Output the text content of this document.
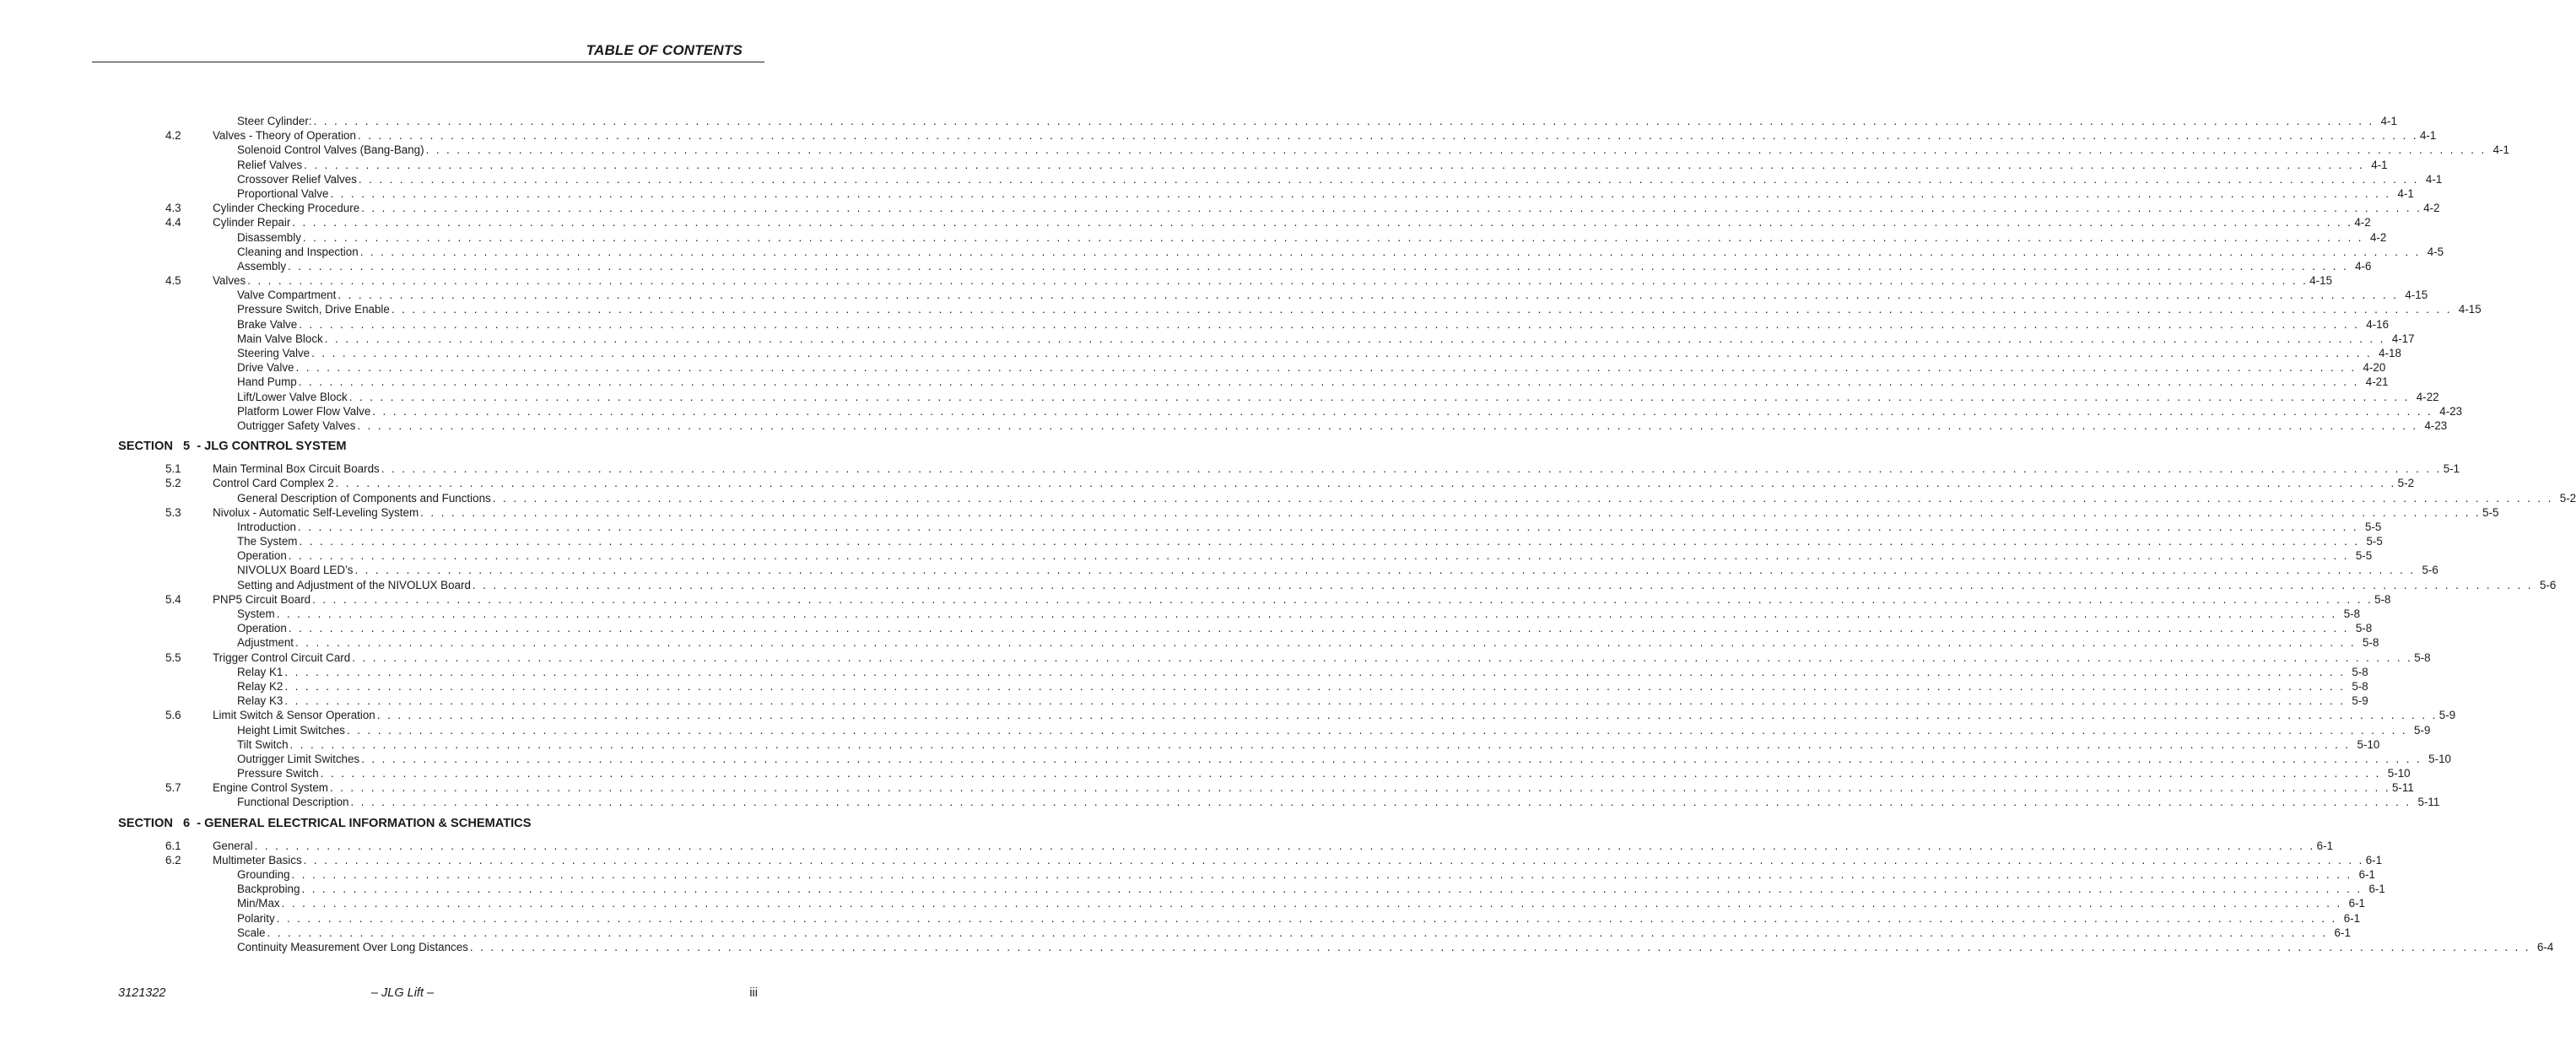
TABLE OF CONTENTS
Steer Cylinder: . . . . . . . . . . . . . . . . . . . . . . . . . . . . . . . . . . . . . . . . . . . . . . . . . . . . . . . . . . . . . . . . . . . . . . . . . . . . . . . . . . . . . . . . . . . . . . . . . . . . . . . . . . . . . . . . . . . . . . . . . . . . . . . . . . . . . . . . . . . . . . . . . . . . . . . . . . . . . . . . . . . . . . . . . . . . . . . . . . . . . . . . . . . . . . . . . . . . . . . . 4-1
4.2	Valves - Theory of Operation . . . . . . . . . . . . . . . . . . . . . . . . . . . . . . . . . . . . . . . . . . . . . . . . . . . . . . . . . . . . . . . . . . . . . . . . . . . . . . . . . . . . . . . . . . . . . . . . . . . . . . . . . . . . . . . . . . . . . . . . . . . . . . . . . . . . . . . . . . . . . . . . . . . . . . . . . . . . . . . . . . . . . . . . . . . . . . . . . . . . . . . . . . . . . . . . . . . . . . . . 4-1
Solenoid Control Valves (Bang-Bang) . . . . . . . . . . . . . . . . . . . . . . . . . . . . . . . . . . . . . . . . . . . . . . . . . . . . . . . . . . . . . . . . . . . . . . . . . . . . . . . . . . . . . . . . . . . . . . . . . . . . . . . . . . . . . . . . . . . . . . . . . . . . . . . . . . . . . . . . . . . . . . . . . . . . . . . . . . . . . . . . . . . . . . . . . . . . . . . . . . . . . . . . . . . . . . . . . . . . . . . . 4-1
Relief Valves . . . . . . . . . . . . . . . . . . . . . . . . . . . . . . . . . . . . . . . . . . . . . . . . . . . . . . . . . . . . . . . . . . . . . . . . . . . . . . . . . . . . . . . . . . . . . . . . . . . . . . . . . . . . . . . . . . . . . . . . . . . . . . . . . . . . . . . . . . . . . . . . . . . . . . . . . . . . . . . . . . . . . . . . . . . . . . . . . . . . . . . . . . . . . . . . . . . . . . . . 4-1
Crossover Relief Valves . . . . . . . . . . . . . . . . . . . . . . . . . . . . . . . . . . . . . . . . . . . . . . . . . . . . . . . . . . . . . . . . . . . . . . . . . . . . . . . . . . . . . . . . . . . . . . . . . . . . . . . . . . . . . . . . . . . . . . . . . . . . . . . . . . . . . . . . . . . . . . . . . . . . . . . . . . . . . . . . . . . . . . . . . . . . . . . . . . . . . . . . . . . . . . . . . . . . . . . . 4-1
Proportional Valve . . . . . . . . . . . . . . . . . . . . . . . . . . . . . . . . . . . . . . . . . . . . . . . . . . . . . . . . . . . . . . . . . . . . . . . . . . . . . . . . . . . . . . . . . . . . . . . . . . . . . . . . . . . . . . . . . . . . . . . . . . . . . . . . . . . . . . . . . . . . . . . . . . . . . . . . . . . . . . . . . . . . . . . . . . . . . . . . . . . . . . . . . . . . . . . . . . . . . . . . 4-1
4.3	Cylinder Checking Procedure . . . . . . . . . . . . . . . . . . . . . . . . . . . . . . . . . . . . . . . . . . . . . . . . . . . . . . . . . . . . . . . . . . . . . . . . . . . . . . . . . . . . . . . . . . . . . . . . . . . . . . . . . . . . . . . . . . . . . . . . . . . . . . . . . . . . . . . . . . . . . . . . . . . . . . . . . . . . . . . . . . . . . . . . . . . . . . . . . . . . . . . . . . . . . . . . . . . . . . . . 4-2
4.4	Cylinder Repair . . . . . . . . . . . . . . . . . . . . . . . . . . . . . . . . . . . . . . . . . . . . . . . . . . . . . . . . . . . . . . . . . . . . . . . . . . . . . . . . . . . . . . . . . . . . . . . . . . . . . . . . . . . . . . . . . . . . . . . . . . . . . . . . . . . . . . . . . . . . . . . . . . . . . . . . . . . . . . . . . . . . . . . . . . . . . . . . . . . . . . . . . . . . . . . . . . . . . . . . 4-2
Disassembly . . . . . . . . . . . . . . . . . . . . . . . . . . . . . . . . . . . . . . . . . . . . . . . . . . . . . . . . . . . . . . . . . . . . . . . . . . . . . . . . . . . . . . . . . . . . . . . . . . . . . . . . . . . . . . . . . . . . . . . . . . . . . . . . . . . . . . . . . . . . . . . . . . . . . . . . . . . . . . . . . . . . . . . . . . . . . . . . . . . . . . . . . . . . . . . . . . . . . . . . 4-2
Cleaning and Inspection . . . . . . . . . . . . . . . . . . . . . . . . . . . . . . . . . . . . . . . . . . . . . . . . . . . . . . . . . . . . . . . . . . . . . . . . . . . . . . . . . . . . . . . . . . . . . . . . . . . . . . . . . . . . . . . . . . . . . . . . . . . . . . . . . . . . . . . . . . . . . . . . . . . . . . . . . . . . . . . . . . . . . . . . . . . . . . . . . . . . . . . . . . . . . . . . . . . . . . . . 4-5
Assembly . . . . . . . . . . . . . . . . . . . . . . . . . . . . . . . . . . . . . . . . . . . . . . . . . . . . . . . . . . . . . . . . . . . . . . . . . . . . . . . . . . . . . . . . . . . . . . . . . . . . . . . . . . . . . . . . . . . . . . . . . . . . . . . . . . . . . . . . . . . . . . . . . . . . . . . . . . . . . . . . . . . . . . . . . . . . . . . . . . . . . . . . . . . . . . . . . . . . . . . . 4-6
4.5	Valves . . . . . . . . . . . . . . . . . . . . . . . . . . . . . . . . . . . . . . . . . . . . . . . . . . . . . . . . . . . . . . . . . . . . . . . . . . . . . . . . . . . . . . . . . . . . . . . . . . . . . . . . . . . . . . . . . . . . . . . . . . . . . . . . . . . . . . . . . . . . . . . . . . . . . . . . . . . . . . . . . . . . . . . . . . . . . . . . . . . . . . . . . . . . . . . . . . . . . . . . 4-15
Valve Compartment . . . . . . . . . . . . . . . . . . . . . . . . . . . . . . . . . . . . . . . . . . . . . . . . . . . . . . . . . . . . . . . . . . . . . . . . . . . . . . . . . . . . . . . . . . . . . . . . . . . . . . . . . . . . . . . . . . . . . . . . . . . . . . . . . . . . . . . . . . . . . . . . . . . . . . . . . . . . . . . . . . . . . . . . . . . . . . . . . . . . . . . . . . . . . . . . . . . . . . . . 4-15
Pressure Switch, Drive Enable . . . . . . . . . . . . . . . . . . . . . . . . . . . . . . . . . . . . . . . . . . . . . . . . . . . . . . . . . . . . . . . . . . . . . . . . . . . . . . . . . . . . . . . . . . . . . . . . . . . . . . . . . . . . . . . . . . . . . . . . . . . . . . . . . . . . . . . . . . . . . . . . . . . . . . . . . . . . . . . . . . . . . . . . . . . . . . . . . . . . . . . . . . . . . . . . . . . . . . . . 4-15
Brake Valve . . . . . . . . . . . . . . . . . . . . . . . . . . . . . . . . . . . . . . . . . . . . . . . . . . . . . . . . . . . . . . . . . . . . . . . . . . . . . . . . . . . . . . . . . . . . . . . . . . . . . . . . . . . . . . . . . . . . . . . . . . . . . . . . . . . . . . . . . . . . . . . . . . . . . . . . . . . . . . . . . . . . . . . . . . . . . . . . . . . . . . . . . . . . . . . . . . . . . . . . 4-16
Main Valve Block . . . . . . . . . . . . . . . . . . . . . . . . . . . . . . . . . . . . . . . . . . . . . . . . . . . . . . . . . . . . . . . . . . . . . . . . . . . . . . . . . . . . . . . . . . . . . . . . . . . . . . . . . . . . . . . . . . . . . . . . . . . . . . . . . . . . . . . . . . . . . . . . . . . . . . . . . . . . . . . . . . . . . . . . . . . . . . . . . . . . . . . . . . . . . . . . . . . . . . . . 4-17
Steering Valve . . . . . . . . . . . . . . . . . . . . . . . . . . . . . . . . . . . . . . . . . . . . . . . . . . . . . . . . . . . . . . . . . . . . . . . . . . . . . . . . . . . . . . . . . . . . . . . . . . . . . . . . . . . . . . . . . . . . . . . . . . . . . . . . . . . . . . . . . . . . . . . . . . . . . . . . . . . . . . . . . . . . . . . . . . . . . . . . . . . . . . . . . . . . . . . . . . . . . . . . 4-18
Drive Valve . . . . . . . . . . . . . . . . . . . . . . . . . . . . . . . . . . . . . . . . . . . . . . . . . . . . . . . . . . . . . . . . . . . . . . . . . . . . . . . . . . . . . . . . . . . . . . . . . . . . . . . . . . . . . . . . . . . . . . . . . . . . . . . . . . . . . . . . . . . . . . . . . . . . . . . . . . . . . . . . . . . . . . . . . . . . . . . . . . . . . . . . . . . . . . . . . . . . . . . . 4-20
Hand Pump . . . . . . . . . . . . . . . . . . . . . . . . . . . . . . . . . . . . . . . . . . . . . . . . . . . . . . . . . . . . . . . . . . . . . . . . . . . . . . . . . . . . . . . . . . . . . . . . . . . . . . . . . . . . . . . . . . . . . . . . . . . . . . . . . . . . . . . . . . . . . . . . . . . . . . . . . . . . . . . . . . . . . . . . . . . . . . . . . . . . . . . . . . . . . . . . . . . . . . . . 4-21
Lift/Lower Valve Block . . . . . . . . . . . . . . . . . . . . . . . . . . . . . . . . . . . . . . . . . . . . . . . . . . . . . . . . . . . . . . . . . . . . . . . . . . . . . . . . . . . . . . . . . . . . . . . . . . . . . . . . . . . . . . . . . . . . . . . . . . . . . . . . . . . . . . . . . . . . . . . . . . . . . . . . . . . . . . . . . . . . . . . . . . . . . . . . . . . . . . . . . . . . . . . . . . . . . . . . 4-22
Platform Lower Flow Valve . . . . . . . . . . . . . . . . . . . . . . . . . . . . . . . . . . . . . . . . . . . . . . . . . . . . . . . . . . . . . . . . . . . . . . . . . . . . . . . . . . . . . . . . . . . . . . . . . . . . . . . . . . . . . . . . . . . . . . . . . . . . . . . . . . . . . . . . . . . . . . . . . . . . . . . . . . . . . . . . . . . . . . . . . . . . . . . . . . . . . . . . . . . . . . . . . . . . . . . . 4-23
Outrigger Safety Valves . . . . . . . . . . . . . . . . . . . . . . . . . . . . . . . . . . . . . . . . . . . . . . . . . . . . . . . . . . . . . . . . . . . . . . . . . . . . . . . . . . . . . . . . . . . . . . . . . . . . . . . . . . . . . . . . . . . . . . . . . . . . . . . . . . . . . . . . . . . . . . . . . . . . . . . . . . . . . . . . . . . . . . . . . . . . . . . . . . . . . . . . . . . . . . . . . . . . . . . . 4-23
SECTION   5  - JLG CONTROL SYSTEM
5.1	Main Terminal Box Circuit Boards . . . . . . . . . . . . . . . . . . . . . . . . . . . . . . . . . . . . . . . . . . . . . . . . . . . . . . . . . . . . . . . . . . . . . . . . . . . . . . . . . . . . . . . . . . . . . . . . . . . . . . . . . . . . . . . . . . . . . . . . . . . . . . . . . . . . . . . . . . . . . . . . . . . . . . . . . . . . . . . . . . . . . . . . . . . . . . . . . . . . . . . . . . . . . . . . . . . . . . . . 5-1
5.2	Control Card Complex 2 . . . . . . . . . . . . . . . . . . . . . . . . . . . . . . . . . . . . . . . . . . . . . . . . . . . . . . . . . . . . . . . . . . . . . . . . . . . . . . . . . . . . . . . . . . . . . . . . . . . . . . . . . . . . . . . . . . . . . . . . . . . . . . . . . . . . . . . . . . . . . . . . . . . . . . . . . . . . . . . . . . . . . . . . . . . . . . . . . . . . . . . . . . . . . . . . . . . . . . . . 5-2
General Description of Components and Functions . . . . . . . . . . . . . . . . . . . . . . . . . . . . . . . . . . . . . . . . . . . . . . . . . . . . . . . . . . . . . . . . . . . . . . . . . . . . . . . . . . . . . . . . . . . . . . . . . . . . . . . . . . . . . . . . . . . . . . . . . . . . . . . . . . . . . . . . . . . . . . . . . . . . . . . . . . . . . . . . . . . . . . . . . . . . . . . . . . . . . . . . . . . . . . . . . . . . . . . . 5-2
5.3	Nivolux - Automatic Self-Leveling System . . . . . . . . . . . . . . . . . . . . . . . . . . . . . . . . . . . . . . . . . . . . . . . . . . . . . . . . . . . . . . . . . . . . . . . . . . . . . . . . . . . . . . . . . . . . . . . . . . . . . . . . . . . . . . . . . . . . . . . . . . . . . . . . . . . . . . . . . . . . . . . . . . . . . . . . . . . . . . . . . . . . . . . . . . . . . . . . . . . . . . . . . . . . . . . . . . . . . . . . 5-5
Introduction . . . . . . . . . . . . . . . . . . . . . . . . . . . . . . . . . . . . . . . . . . . . . . . . . . . . . . . . . . . . . . . . . . . . . . . . . . . . . . . . . . . . . . . . . . . . . . . . . . . . . . . . . . . . . . . . . . . . . . . . . . . . . . . . . . . . . . . . . . . . . . . . . . . . . . . . . . . . . . . . . . . . . . . . . . . . . . . . . . . . . . . . . . . . . . . . . . . . . . . . 5-5
The System . . . . . . . . . . . . . . . . . . . . . . . . . . . . . . . . . . . . . . . . . . . . . . . . . . . . . . . . . . . . . . . . . . . . . . . . . . . . . . . . . . . . . . . . . . . . . . . . . . . . . . . . . . . . . . . . . . . . . . . . . . . . . . . . . . . . . . . . . . . . . . . . . . . . . . . . . . . . . . . . . . . . . . . . . . . . . . . . . . . . . . . . . . . . . . . . . . . . . . . . 5-5
Operation . . . . . . . . . . . . . . . . . . . . . . . . . . . . . . . . . . . . . . . . . . . . . . . . . . . . . . . . . . . . . . . . . . . . . . . . . . . . . . . . . . . . . . . . . . . . . . . . . . . . . . . . . . . . . . . . . . . . . . . . . . . . . . . . . . . . . . . . . . . . . . . . . . . . . . . . . . . . . . . . . . . . . . . . . . . . . . . . . . . . . . . . . . . . . . . . . . . . . . . . 5-5
NIVOLUX Board LED’s . . . . . . . . . . . . . . . . . . . . . . . . . . . . . . . . . . . . . . . . . . . . . . . . . . . . . . . . . . . . . . . . . . . . . . . . . . . . . . . . . . . . . . . . . . . . . . . . . . . . . . . . . . . . . . . . . . . . . . . . . . . . . . . . . . . . . . . . . . . . . . . . . . . . . . . . . . . . . . . . . . . . . . . . . . . . . . . . . . . . . . . . . . . . . . . . . . . . . . . . 5-6
Setting and Adjustment of the NIVOLUX Board . . . . . . . . . . . . . . . . . . . . . . . . . . . . . . . . . . . . . . . . . . . . . . . . . . . . . . . . . . . . . . . . . . . . . . . . . . . . . . . . . . . . . . . . . . . . . . . . . . . . . . . . . . . . . . . . . . . . . . . . . . . . . . . . . . . . . . . . . . . . . . . . . . . . . . . . . . . . . . . . . . . . . . . . . . . . . . . . . . . . . . . . . . . . . . . . . . . . . . . . 5-6
5.4	PNP5 Circuit Board . . . . . . . . . . . . . . . . . . . . . . . . . . . . . . . . . . . . . . . . . . . . . . . . . . . . . . . . . . . . . . . . . . . . . . . . . . . . . . . . . . . . . . . . . . . . . . . . . . . . . . . . . . . . . . . . . . . . . . . . . . . . . . . . . . . . . . . . . . . . . . . . . . . . . . . . . . . . . . . . . . . . . . . . . . . . . . . . . . . . . . . . . . . . . . . . . . . . . . . . 5-8
System . . . . . . . . . . . . . . . . . . . . . . . . . . . . . . . . . . . . . . . . . . . . . . . . . . . . . . . . . . . . . . . . . . . . . . . . . . . . . . . . . . . . . . . . . . . . . . . . . . . . . . . . . . . . . . . . . . . . . . . . . . . . . . . . . . . . . . . . . . . . . . . . . . . . . . . . . . . . . . . . . . . . . . . . . . . . . . . . . . . . . . . . . . . . . . . . . . . . . . . . 5-8
Operation . . . . . . . . . . . . . . . . . . . . . . . . . . . . . . . . . . . . . . . . . . . . . . . . . . . . . . . . . . . . . . . . . . . . . . . . . . . . . . . . . . . . . . . . . . . . . . . . . . . . . . . . . . . . . . . . . . . . . . . . . . . . . . . . . . . . . . . . . . . . . . . . . . . . . . . . . . . . . . . . . . . . . . . . . . . . . . . . . . . . . . . . . . . . . . . . . . . . . . . . 5-8
Adjustment . . . . . . . . . . . . . . . . . . . . . . . . . . . . . . . . . . . . . . . . . . . . . . . . . . . . . . . . . . . . . . . . . . . . . . . . . . . . . . . . . . . . . . . . . . . . . . . . . . . . . . . . . . . . . . . . . . . . . . . . . . . . . . . . . . . . . . . . . . . . . . . . . . . . . . . . . . . . . . . . . . . . . . . . . . . . . . . . . . . . . . . . . . . . . . . . . . . . . . . . 5-8
5.5	Trigger Control Circuit Card . . . . . . . . . . . . . . . . . . . . . . . . . . . . . . . . . . . . . . . . . . . . . . . . . . . . . . . . . . . . . . . . . . . . . . . . . . . . . . . . . . . . . . . . . . . . . . . . . . . . . . . . . . . . . . . . . . . . . . . . . . . . . . . . . . . . . . . . . . . . . . . . . . . . . . . . . . . . . . . . . . . . . . . . . . . . . . . . . . . . . . . . . . . . . . . . . . . . . . . . 5-8
Relay K1 . . . . . . . . . . . . . . . . . . . . . . . . . . . . . . . . . . . . . . . . . . . . . . . . . . . . . . . . . . . . . . . . . . . . . . . . . . . . . . . . . . . . . . . . . . . . . . . . . . . . . . . . . . . . . . . . . . . . . . . . . . . . . . . . . . . . . . . . . . . . . . . . . . . . . . . . . . . . . . . . . . . . . . . . . . . . . . . . . . . . . . . . . . . . . . . . . . . . . . . . 5-8
Relay K2 . . . . . . . . . . . . . . . . . . . . . . . . . . . . . . . . . . . . . . . . . . . . . . . . . . . . . . . . . . . . . . . . . . . . . . . . . . . . . . . . . . . . . . . . . . . . . . . . . . . . . . . . . . . . . . . . . . . . . . . . . . . . . . . . . . . . . . . . . . . . . . . . . . . . . . . . . . . . . . . . . . . . . . . . . . . . . . . . . . . . . . . . . . . . . . . . . . . . . . . . 5-8
Relay K3 . . . . . . . . . . . . . . . . . . . . . . . . . . . . . . . . . . . . . . . . . . . . . . . . . . . . . . . . . . . . . . . . . . . . . . . . . . . . . . . . . . . . . . . . . . . . . . . . . . . . . . . . . . . . . . . . . . . . . . . . . . . . . . . . . . . . . . . . . . . . . . . . . . . . . . . . . . . . . . . . . . . . . . . . . . . . . . . . . . . . . . . . . . . . . . . . . . . . . . . . 5-9
5.6	Limit Switch & Sensor Operation . . . . . . . . . . . . . . . . . . . . . . . . . . . . . . . . . . . . . . . . . . . . . . . . . . . . . . . . . . . . . . . . . . . . . . . . . . . . . . . . . . . . . . . . . . . . . . . . . . . . . . . . . . . . . . . . . . . . . . . . . . . . . . . . . . . . . . . . . . . . . . . . . . . . . . . . . . . . . . . . . . . . . . . . . . . . . . . . . . . . . . . . . . . . . . . . . . . . . . . . 5-9
Height Limit Switches . . . . . . . . . . . . . . . . . . . . . . . . . . . . . . . . . . . . . . . . . . . . . . . . . . . . . . . . . . . . . . . . . . . . . . . . . . . . . . . . . . . . . . . . . . . . . . . . . . . . . . . . . . . . . . . . . . . . . . . . . . . . . . . . . . . . . . . . . . . . . . . . . . . . . . . . . . . . . . . . . . . . . . . . . . . . . . . . . . . . . . . . . . . . . . . . . . . . . . . . 5-9
Tilt Switch . . . . . . . . . . . . . . . . . . . . . . . . . . . . . . . . . . . . . . . . . . . . . . . . . . . . . . . . . . . . . . . . . . . . . . . . . . . . . . . . . . . . . . . . . . . . . . . . . . . . . . . . . . . . . . . . . . . . . . . . . . . . . . . . . . . . . . . . . . . . . . . . . . . . . . . . . . . . . . . . . . . . . . . . . . . . . . . . . . . . . . . . . . . . . . . . . . . . . . . . 5-10
Outrigger Limit Switches . . . . . . . . . . . . . . . . . . . . . . . . . . . . . . . . . . . . . . . . . . . . . . . . . . . . . . . . . . . . . . . . . . . . . . . . . . . . . . . . . . . . . . . . . . . . . . . . . . . . . . . . . . . . . . . . . . . . . . . . . . . . . . . . . . . . . . . . . . . . . . . . . . . . . . . . . . . . . . . . . . . . . . . . . . . . . . . . . . . . . . . . . . . . . . . . . . . . . . . . 5-10
Pressure Switch . . . . . . . . . . . . . . . . . . . . . . . . . . . . . . . . . . . . . . . . . . . . . . . . . . . . . . . . . . . . . . . . . . . . . . . . . . . . . . . . . . . . . . . . . . . . . . . . . . . . . . . . . . . . . . . . . . . . . . . . . . . . . . . . . . . . . . . . . . . . . . . . . . . . . . . . . . . . . . . . . . . . . . . . . . . . . . . . . . . . . . . . . . . . . . . . . . . . . . . . 5-10
5.7	Engine Control System . . . . . . . . . . . . . . . . . . . . . . . . . . . . . . . . . . . . . . . . . . . . . . . . . . . . . . . . . . . . . . . . . . . . . . . . . . . . . . . . . . . . . . . . . . . . . . . . . . . . . . . . . . . . . . . . . . . . . . . . . . . . . . . . . . . . . . . . . . . . . . . . . . . . . . . . . . . . . . . . . . . . . . . . . . . . . . . . . . . . . . . . . . . . . . . . . . . . . . . . 5-11
Functional Description . . . . . . . . . . . . . . . . . . . . . . . . . . . . . . . . . . . . . . . . . . . . . . . . . . . . . . . . . . . . . . . . . . . . . . . . . . . . . . . . . . . . . . . . . . . . . . . . . . . . . . . . . . . . . . . . . . . . . . . . . . . . . . . . . . . . . . . . . . . . . . . . . . . . . . . . . . . . . . . . . . . . . . . . . . . . . . . . . . . . . . . . . . . . . . . . . . . . . . . . 5-11
SECTION   6  - GENERAL ELECTRICAL INFORMATION & SCHEMATICS
6.1	General . . . . . . . . . . . . . . . . . . . . . . . . . . . . . . . . . . . . . . . . . . . . . . . . . . . . . . . . . . . . . . . . . . . . . . . . . . . . . . . . . . . . . . . . . . . . . . . . . . . . . . . . . . . . . . . . . . . . . . . . . . . . . . . . . . . . . . . . . . . . . . . . . . . . . . . . . . . . . . . . . . . . . . . . . . . . . . . . . . . . . . . . . . . . . . . . . . . . . . . . 6-1
6.2	Multimeter Basics . . . . . . . . . . . . . . . . . . . . . . . . . . . . . . . . . . . . . . . . . . . . . . . . . . . . . . . . . . . . . . . . . . . . . . . . . . . . . . . . . . . . . . . . . . . . . . . . . . . . . . . . . . . . . . . . . . . . . . . . . . . . . . . . . . . . . . . . . . . . . . . . . . . . . . . . . . . . . . . . . . . . . . . . . . . . . . . . . . . . . . . . . . . . . . . . . . . . . . . . 6-1
Grounding . . . . . . . . . . . . . . . . . . . . . . . . . . . . . . . . . . . . . . . . . . . . . . . . . . . . . . . . . . . . . . . . . . . . . . . . . . . . . . . . . . . . . . . . . . . . . . . . . . . . . . . . . . . . . . . . . . . . . . . . . . . . . . . . . . . . . . . . . . . . . . . . . . . . . . . . . . . . . . . . . . . . . . . . . . . . . . . . . . . . . . . . . . . . . . . . . . . . . . . . 6-1
Backprobing . . . . . . . . . . . . . . . . . . . . . . . . . . . . . . . . . . . . . . . . . . . . . . . . . . . . . . . . . . . . . . . . . . . . . . . . . . . . . . . . . . . . . . . . . . . . . . . . . . . . . . . . . . . . . . . . . . . . . . . . . . . . . . . . . . . . . . . . . . . . . . . . . . . . . . . . . . . . . . . . . . . . . . . . . . . . . . . . . . . . . . . . . . . . . . . . . . . . . . . . 6-1
Min/Max . . . . . . . . . . . . . . . . . . . . . . . . . . . . . . . . . . . . . . . . . . . . . . . . . . . . . . . . . . . . . . . . . . . . . . . . . . . . . . . . . . . . . . . . . . . . . . . . . . . . . . . . . . . . . . . . . . . . . . . . . . . . . . . . . . . . . . . . . . . . . . . . . . . . . . . . . . . . . . . . . . . . . . . . . . . . . . . . . . . . . . . . . . . . . . . . . . . . . . . . 6-1
Polarity . . . . . . . . . . . . . . . . . . . . . . . . . . . . . . . . . . . . . . . . . . . . . . . . . . . . . . . . . . . . . . . . . . . . . . . . . . . . . . . . . . . . . . . . . . . . . . . . . . . . . . . . . . . . . . . . . . . . . . . . . . . . . . . . . . . . . . . . . . . . . . . . . . . . . . . . . . . . . . . . . . . . . . . . . . . . . . . . . . . . . . . . . . . . . . . . . . . . . . . . 6-1
Scale . . . . . . . . . . . . . . . . . . . . . . . . . . . . . . . . . . . . . . . . . . . . . . . . . . . . . . . . . . . . . . . . . . . . . . . . . . . . . . . . . . . . . . . . . . . . . . . . . . . . . . . . . . . . . . . . . . . . . . . . . . . . . . . . . . . . . . . . . . . . . . . . . . . . . . . . . . . . . . . . . . . . . . . . . . . . . . . . . . . . . . . . . . . . . . . . . . . . . . . . 6-1
Continuity Measurement Over Long Distances . . . . . . . . . . . . . . . . . . . . . . . . . . . . . . . . . . . . . . . . . . . . . . . . . . . . . . . . . . . . . . . . . . . . . . . . . . . . . . . . . . . . . . . . . . . . . . . . . . . . . . . . . . . . . . . . . . . . . . . . . . . . . . . . . . . . . . . . . . . . . . . . . . . . . . . . . . . . . . . . . . . . . . . . . . . . . . . . . . . . . . . . . . . . . . . . . . . . . . . . 6-4
3121322	– JLG Lift –	iii
